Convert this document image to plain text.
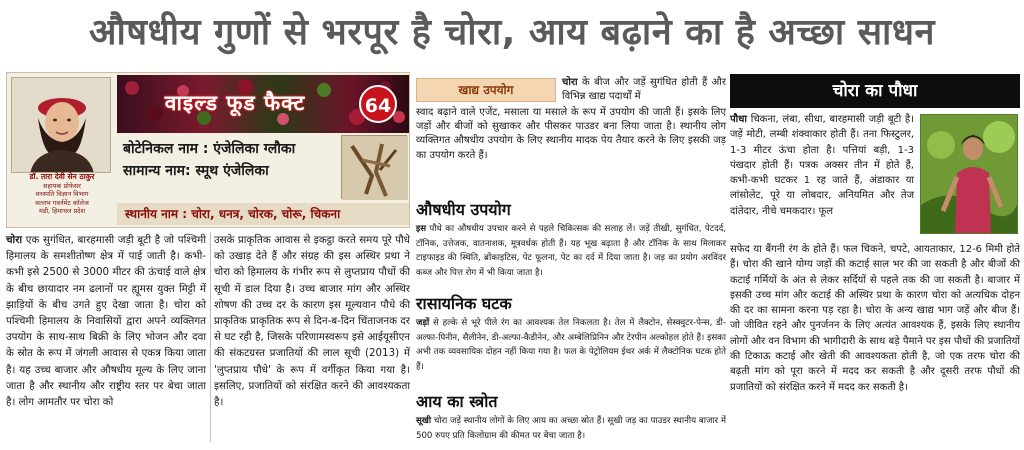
औषधीय गुणों से भरपूर है चोरा, आय बढ़ाने का है अच्छा साधन
डॉ. तारा देवी सेन ठाकुर
सहायक प्रोफेसर
वनस्पति विज्ञान विभाग
वल्लभ गवर्नमेंट कॉलेज
मंडी, हिमाचल प्रदेश
वाइल्ड फूड फैक्ट	64
बोटेनिकल नाम : एंजेलिका ग्लौका
सामान्य नाम: स्मूथ एंजेलिका
स्थानीय नाम : चोरा, धनत्र, चोरक, चोरू, चिकना
चोरा एक सुगंधित, बारहमासी जड़ी बूटी है जो पश्चिमी हिमालय के समशीतोष्ण क्षेत्र में पाई जाती है। कभी-कभी इसे 2500 से 3000 मीटर की ऊंचाई वाले क्षेत्र के बीच छायादार नम ढलानों पर ह्यूमस युक्त मिट्टी में झाड़ियों के बीच उगते हुए देखा जाता है। चोरा को पश्चिमी हिमालय के निवासियों द्वारा अपने व्यक्तिगत उपयोग के साथ-साथ बिक्री के लिए भोजन और दवा के स्रोत के रूप में जंगली आवास से एकत्र किया जाता है। यह उच्च बाजार और औषधीय मूल्य के लिए जाना जाता है और स्थानीय और राष्ट्रीय स्तर पर बेचा जाता है। लोग आमतौर पर चोरा को
उसके प्राकृतिक आवास से इकट्ठा करते समय पूरे पौधे को उखाड़ देते हैं और संग्रह की इस अस्थिर प्रथा ने चोरा को हिमालय के गंभीर रूप से लुप्तप्राय पौधों की सूची में डाल दिया है। उच्च बाजार मांग और अस्थिर शोषण की उच्च दर के कारण इस मूल्यवान पौधे की प्राकृतिक प्राकृतिक रूप से दिन-ब-दिन चिंताजनक दर से घट रही है, जिसके परिणामस्वरूप इसे आईयूसीएन की संकटग्रस्त प्रजातियों की लाल सूची (2013) में 'लुप्तप्राय पौधे' के रूप में वर्गीकृत किया गया है। इसलिए, प्रजातियों को संरक्षित करने की आवश्यकता है।
खाद्य उपयोग
चोरा के बीज और जड़ें सुगंधित होती हैं और विभिन्न खाद्य पदार्थों में
स्वाद बढ़ाने वाले एजेंट, मसाला या मसाले के रूप में उपयोग की जाती हैं। इसके लिए जड़ों और बीजों को सुखाकर और पीसकर पाउडर बना लिया जाता है। स्थानीय लोग व्यक्तिगत औषधीय उपयोग के लिए स्थानीय मादक पेय तैयार करने के लिए इसकी जड़ का उपयोग करते हैं।
औषधीय उपयोग
इस पौधे का औषधीय उपचार करने से पहले चिकित्सक की सलाह लें। जड़ें तीखी, सुगंधित, पेटदर्द, टॉनिक, उत्तेजक, वातनाशक, मूत्रवर्धक होती हैं। यह भूख बढ़ाता है और टॉनिक के साथ मिलाकर टाइफाइड की स्थिति, ब्रोंकाइटिस, पेट फूलना, पेट का दर्द में दिया जाता है। जड़ का प्रयोग अरविंदर कब्ज और पित्त रोग में भी किया जाता है।
रासायनिक घटक
जड़ों से हल्के से भूरे पीले रंग का आवश्यक तेल निकलता है। तेल में लैक्टोन, सेस्क्वुटर-पेन्स, डी-अल्फा-पिनीन, सैलीनेन, डी-अल्फा-कैडीनेन, और अम्बेलिप्रिनिन और टेरपीन अल्कोहल होते हैं। इसका अभी तक व्यवसायिक दोहन नहीं किया गया है। फल के पेट्रोलियम ईथर अर्क में लैक्टोनिक घटक होते हैं।
आय का स्त्रोत
सूखी चोरा जड़ें स्थानीय लोगों के लिए आय का अच्छा स्रोत हैं। सूखी जड़ का पाउडर स्थानीय बाजार में 500 रुपए प्रति किलोग्राम की कीमत पर बेचा जाता है।
चोरा का पौधा
पौधा चिकना, लंबा, सीधा, बारहमासी जड़ी बूटी है। जड़ें मोटी, लम्बी शंक्वाकार होती हैं। तना फिस्टुलर, 1-3 मीटर ऊंचा होता है। पत्तियां बड़ी, 1-3 पंखदार होती हैं। पत्रक अक्सर तीन में होते हैं, कभी-कभी घटकर 1 रह जाते हैं, अंडाकार या लांसोलेट, पूरे या लोबदार, अनियमित और तेज दांतेदार, नीचे चमकदार। फूल
सफेद या बैंगनी रंग के होते हैं। फल चिकने, चपटे, आयताकार, 12-6 मिमी होते हैं। चोरा की खाने योग्य जड़ों की कटाई साल भर की जा सकती है और बीजों की कटाई गर्मियों के अंत से लेकर सर्दियों से पहले तक की जा सकती है। बाजार में इसकी उच्च मांग और कटाई की अस्थिर प्रथा के कारण चोरा को अत्यधिक दोहन की दर का सामना करना पड़ रहा है। चोरा के अन्य खाद्य भाग जड़ें और बीज हैं। जो जीवित रहने और पुनर्जनन के लिए अत्यंत आवश्यक हैं, इसके लिए स्थानीय लोगों और वन विभाग की भागीदारी के साथ बड़े पैमाने पर इस पौधों की प्रजातियों की टिकाऊ कटाई और खेती की आवश्यकता होती है, जो एक तरफ चोरा की बढ़ती मांग को पूरा करने में मदद कर सकती है और दूसरी तरफ पौधों की प्रजातियों को संरक्षित करने में मदद कर सकती है।
